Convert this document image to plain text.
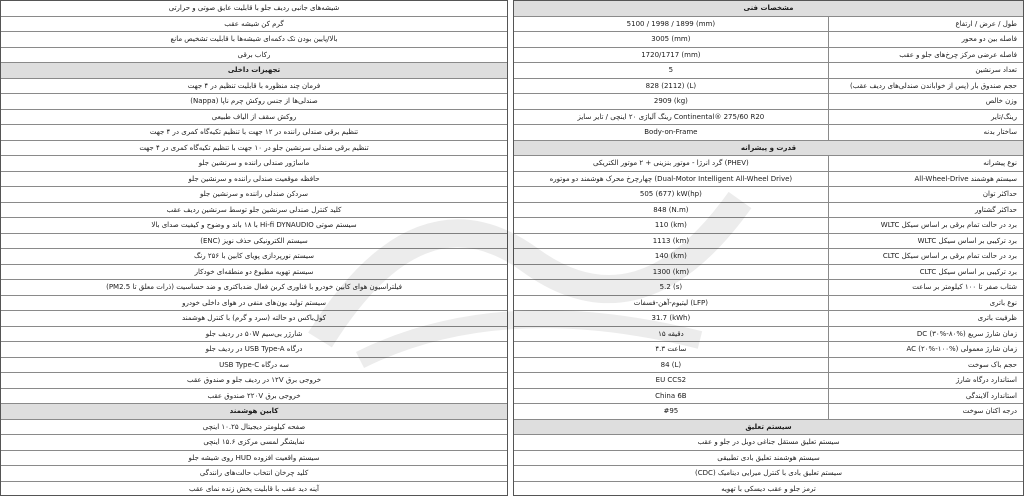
شیشه‌های جانبی ردیف جلو با قابلیت عایق صوتی و حرارتی
گرم کن شیشه عقب
بالا/پایین بودن تک دکمه‌ای شیشه‌ها با قابلیت تشخیص مانع
رکاب برقی
تجهیزات داخلی
فرمان چند منظوره با قابلیت تنظیم در ۴ جهت
صندلی‌ها از جنس روکش چرم ناپا (Nappa)
روکش سقف از الیاف طبیعی
تنظیم برقی صندلی راننده در ۱۲ جهت با تنظیم تکیه‌گاه کمری در ۴ جهت
تنظیم برقی صندلی سرنشین جلو در ۱۰ جهت با تنظیم تکیه‌گاه کمری در ۴ جهت
ماساژور صندلی راننده و سرنشین جلو
حافظه موقعیت صندلی راننده و سرنشین جلو
سردکن صندلی راننده و سرنشین جلو
کلید کنترل صندلی سرنشین جلو توسط سرنشین ردیف عقب
سیستم صوتی Hi-fi DYNAUDIO با ۱۸ باند و وضوح و کیفیت صدای بالا
سیستم الکترونیکی حذف نویز (ENC)
سیستم نورپردازی پویای کابین با ۲۵۶ رنگ
سیستم تهویه مطبوع دو منطقه‌ای خودکار
فیلتراسیون هوای کابین خودرو با فناوری کربن فعال ضدباکتری و ضد حساسیت (ذرات معلق تا PM2.5)
سیستم تولید یون‌های منفی در هوای داخلی خودرو
کول‌باکس دو حالته (سرد و گرم) با کنترل هوشمند
شارژر بی‌سیم ۵۰W در ردیف جلو
درگاه USB Type-A در ردیف جلو
سه درگاه USB Type-C
خروجی برق ۱۲V در ردیف جلو و صندوق عقب
خروجی برق ۲۲۰V صندوق عقب
کابین هوشمند
صفحه کیلومتر دیجیتال ۱۰.۲۵ اینچی
نمایشگر لمسی مرکزی ۱۵.۶ اینچی
سیستم واقعیت افزوده HUD روی شیشه جلو
کلید چرخان انتخاب حالت‌های رانندگی
آینه دید عقب با قابلیت پخش زنده نمای عقب
مشخصات فنی
5100 / 1998 / 1899 (mm)	طول / عرض / ارتفاع
3005 (mm)	فاصله بین دو محور
1720/1717 (mm)	فاصله عرضی مرکز چرخ‌های جلو و عقب
5	تعداد سرنشین
828 (2112) (L)	حجم صندوق بار (پس از خواباندن صندلی‌های ردیف عقب)
2909 (kg)	وزن خالص
رینگ آلیاژی ۲۰ اینچی / تایر سایز Continental® 275/60 R20	رینگ/تایر
Body-on-Frame	ساختار بدنه
قدرت و پیشرانه
گرد انرژا - موتور بنزینی + ۲ موتور الکتریکی (PHEV)	نوع پیشرانه
چهارچرخ محرک هوشمند دو موتوره (Dual-Motor Intelligent All-Wheel Drive)	سیستم هوشمند All-Wheel-Drive
505 (677) kW(hp)	حداکثر توان
848 (N.m)	حداکثر گشتاور
110 (km)	برد در حالت تمام برقی بر اساس سیکل WLTC
1113 (km)	برد ترکیبی بر اساس سیکل WLTC
140 (km)	برد در حالت تمام برقی بر اساس سیکل CLTC
1300 (km)	برد ترکیبی بر اساس سیکل CLTC
5.2 (s)	شتاب صفر تا ۱۰۰ کیلومتر بر ساعت
لیتیوم-آهن-فسفات (LFP)	نوع باتری
31.7 (kWh)	ظرفیت باتری
۱۵ دقیقه	زمان شارژ سریع DC (۳۰%-۸۰%)
۴.۳ ساعت	زمان شارژ معمولی AC (۲۰%-۱۰۰%)
84 (L)	حجم باک سوخت
EU CCS2	استاندارد درگاه شارژ
China 6B	استاندارد آلایندگی
#95	درجه اکتان سوخت
سیستم تعلیق
سیستم تعلیق مستقل جناغی دوبل در جلو و عقب
سیستم هوشمند تعلیق بادی تطبیقی
سیستم تعلیق بادی با کنترل میرایی دینامیک (CDC)
ترمز جلو و عقب دیسکی با تهویه
